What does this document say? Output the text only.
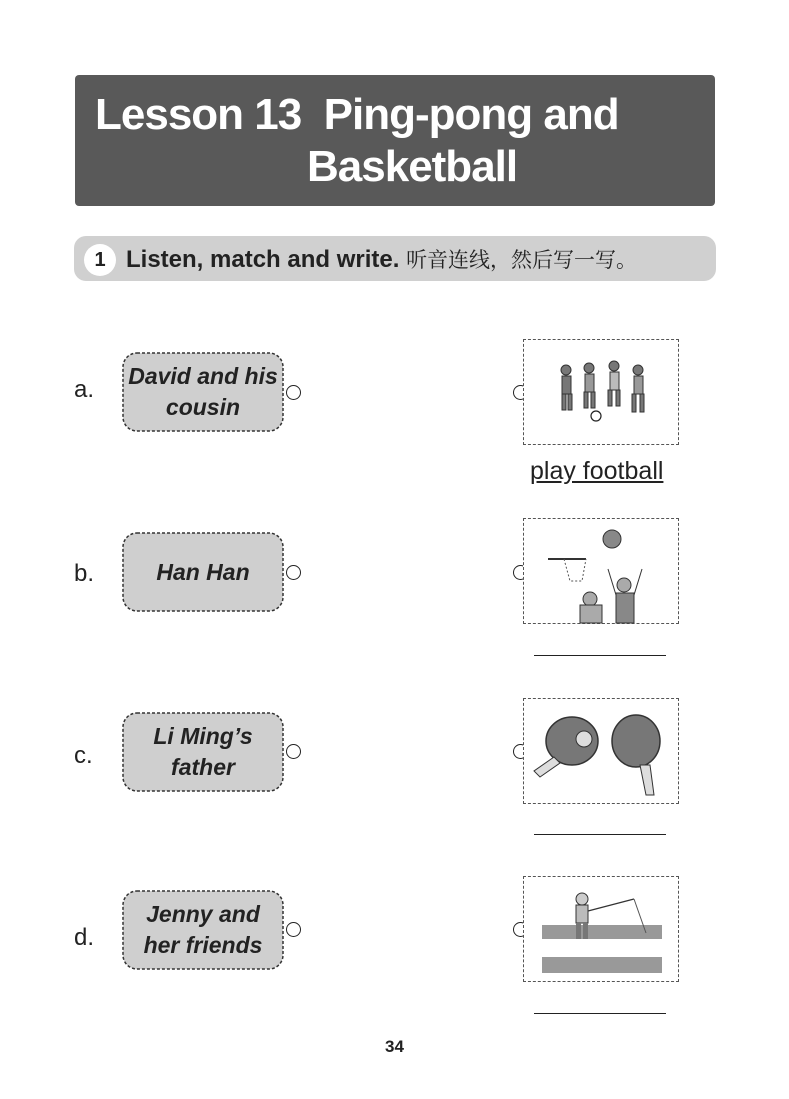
Lesson 13  Ping-pong and
Basketball
1 Listen, match and write. 听音连线，然后写一写。
a. David and his
cousin
play football
b.	Han Han
c.
Li Ming’s
father
d.
Jenny and
her friends
34
